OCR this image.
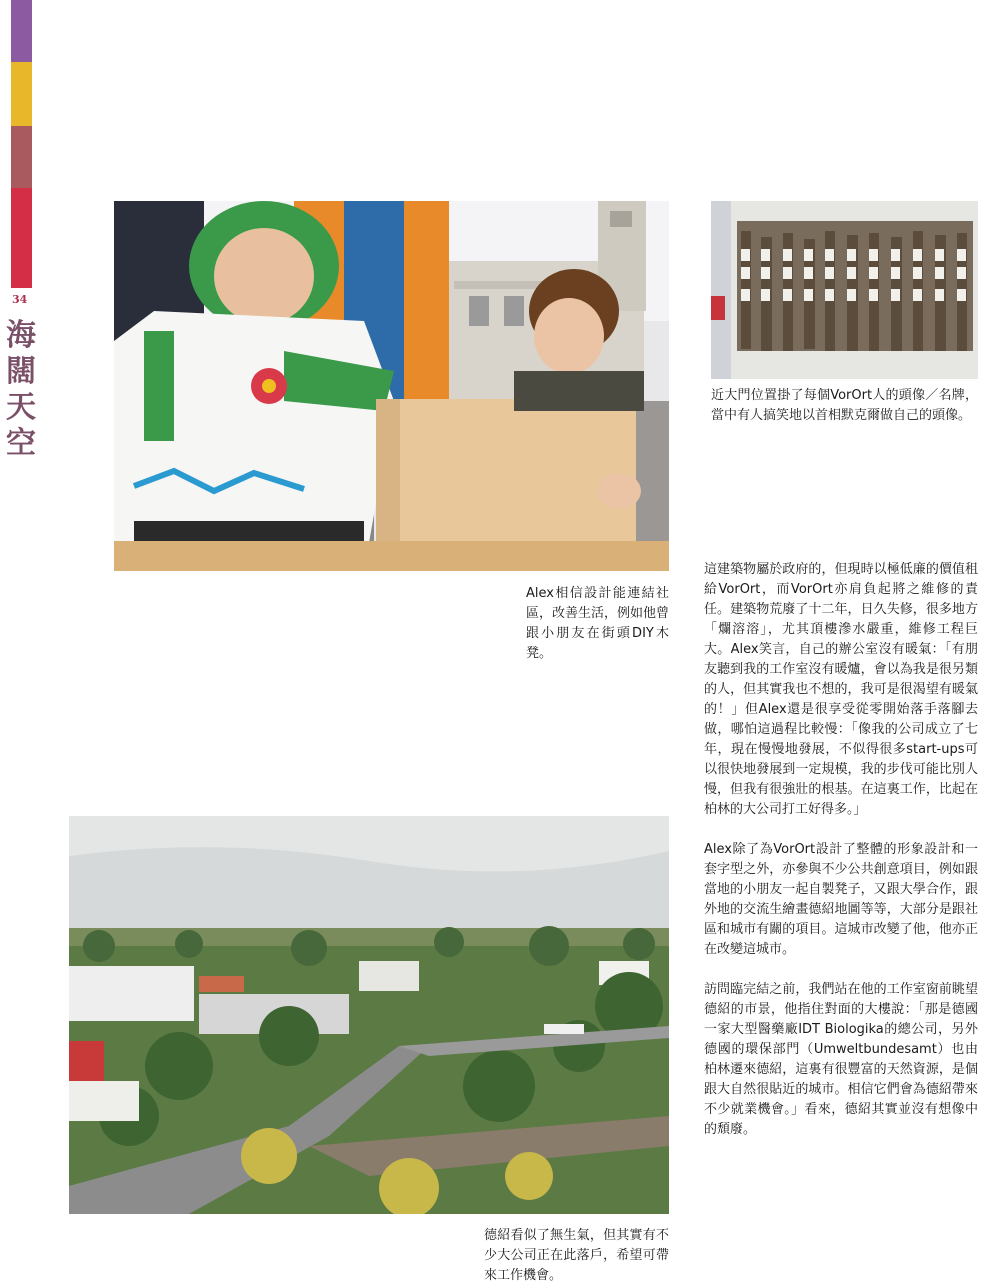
34
海
闊
天
空

Alex相信設計能連結社區，改善生活，例如他曾跟小朋友在街頭DIY木凳。

近大門位置掛了每個VorOrt人的頭像／名牌，當中有人搞笑地以首相默克爾做自己的頭像。

這建築物屬於政府的，但現時以極低廉的價值租給VorOrt，而VorOrt亦肩負起將之維修的責任。建築物荒廢了十二年，日久失修，很多地方「爛溶溶」，尤其頂樓滲水嚴重，維修工程巨大。Alex笑言，自己的辦公室沒有暖氣：「有朋友聽到我的工作室沒有暖爐，會以為我是很另類的人，但其實我也不想的，我可是很渴望有暖氣的！」但Alex還是很享受從零開始落手落腳去做，哪怕這過程比較慢：「像我的公司成立了七年，現在慢慢地發展，不似得很多start-ups可以很快地發展到一定規模，我的步伐可能比別人慢，但我有很強壯的根基。在這裏工作，比起在柏林的大公司打工好得多。」

Alex除了為VorOrt設計了整體的形象設計和一套字型之外，亦參與不少公共創意項目，例如跟當地的小朋友一起自製凳子，又跟大學合作，跟外地的交流生繪畫德紹地圖等等，大部分是跟社區和城市有關的項目。這城市改變了他，他亦正在改變這城市。

訪問臨完結之前，我們站在他的工作室窗前眺望德紹的市景，他指住對面的大樓說：「那是德國一家大型醫藥廠IDT Biologika的總公司，另外德國的環保部門（Umweltbundesamt）也由柏林遷來德紹，這裏有很豐富的天然資源，是個跟大自然很貼近的城市。相信它們會為德紹帶來不少就業機會。」看來，德紹其實並沒有想像中的頹廢。

德紹看似了無生氣，但其實有不少大公司正在此落戶，希望可帶來工作機會。
